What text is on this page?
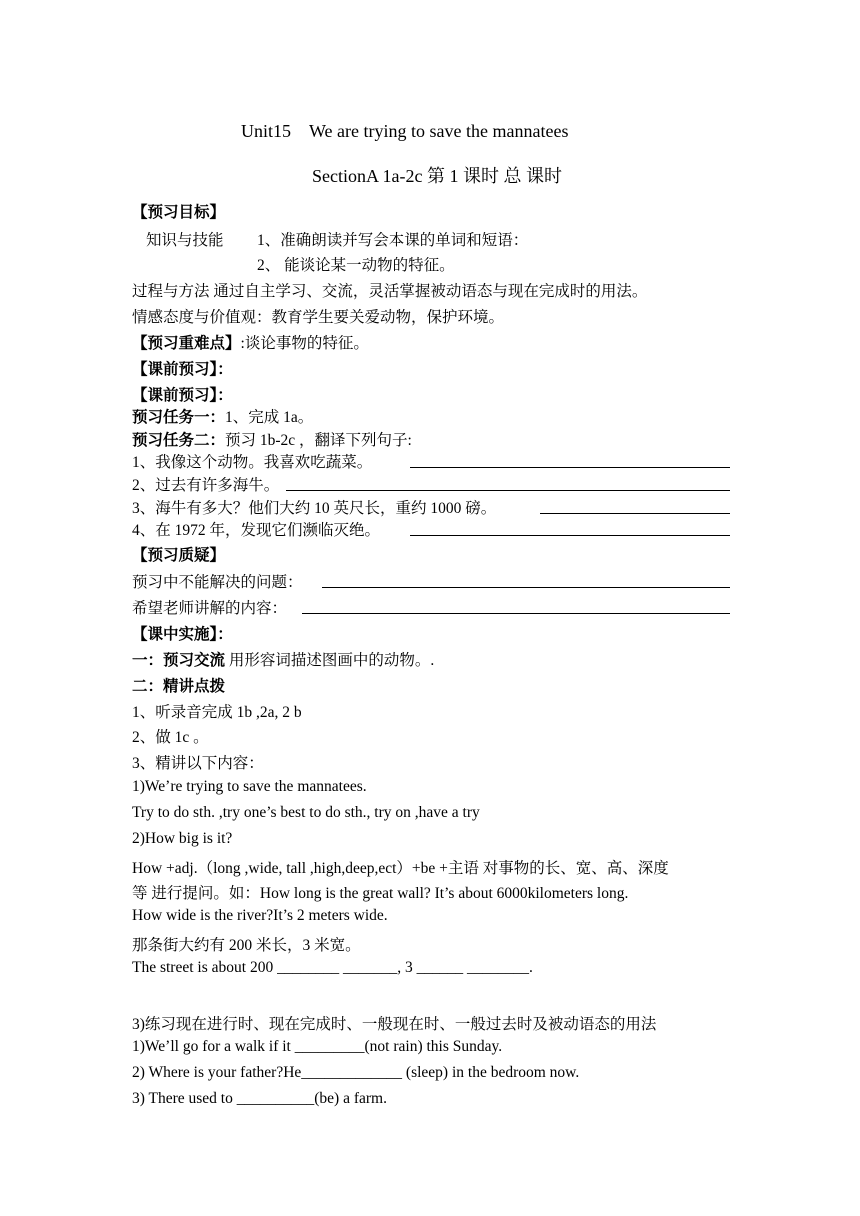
Unit15　We are trying to save the mannatees
SectionA 1a-2c 第 1 课时 总 课时
【预习目标】
知识与技能 1、准确朗读并写会本课的单词和短语：
2、 能谈论某一动物的特征。
过程与方法 通过自主学习、交流，灵活掌握被动语态与现在完成时的用法。
情感态度与价值观：教育学生要关爱动物，保护环境。
【预习重难点】:谈论事物的特征。
【课前预习】：
【课前预习】：
预习任务一：1、完成 1a。
预习任务二：预习 1b-2c ，翻译下列句子:
1、我像这个动物。我喜欢吃蔬菜。
2、过去有许多海牛。
3、海牛有多大？他们大约 10 英尺长，重约 1000 磅。
4、在 1972 年，发现它们濒临灭绝。
【预习质疑】
预习中不能解决的问题：
希望老师讲解的内容：
【课中实施】：
一：预习交流 用形容词描述图画中的动物。.
二：精讲点拨
1、听录音完成 1b ,2a, 2 b
2、做 1c 。
3、精讲以下内容：
1)We’re trying to save the mannatees.
Try to do sth. ,try one’s best to do sth., try on ,have a try
2)How big is it?
How +adj.（long ,wide, tall ,high,deep,ect）+be +主语 对事物的长、宽、高、深度
等 进行提问。如：How long is the great wall? It’s about 6000kilometers long.
How wide is the river?It’s 2 meters wide.
那条街大约有 200 米长，3 米宽。
The street is about 200 ________ _______, 3 ______ ________.
3)练习现在进行时、现在完成时、一般现在时、一般过去时及被动语态的用法
1)We’ll go for a walk if it _________(not rain) this Sunday.
2) Where is your father?He_____________ (sleep) in the bedroom now.
3) There used to __________(be) a farm.
